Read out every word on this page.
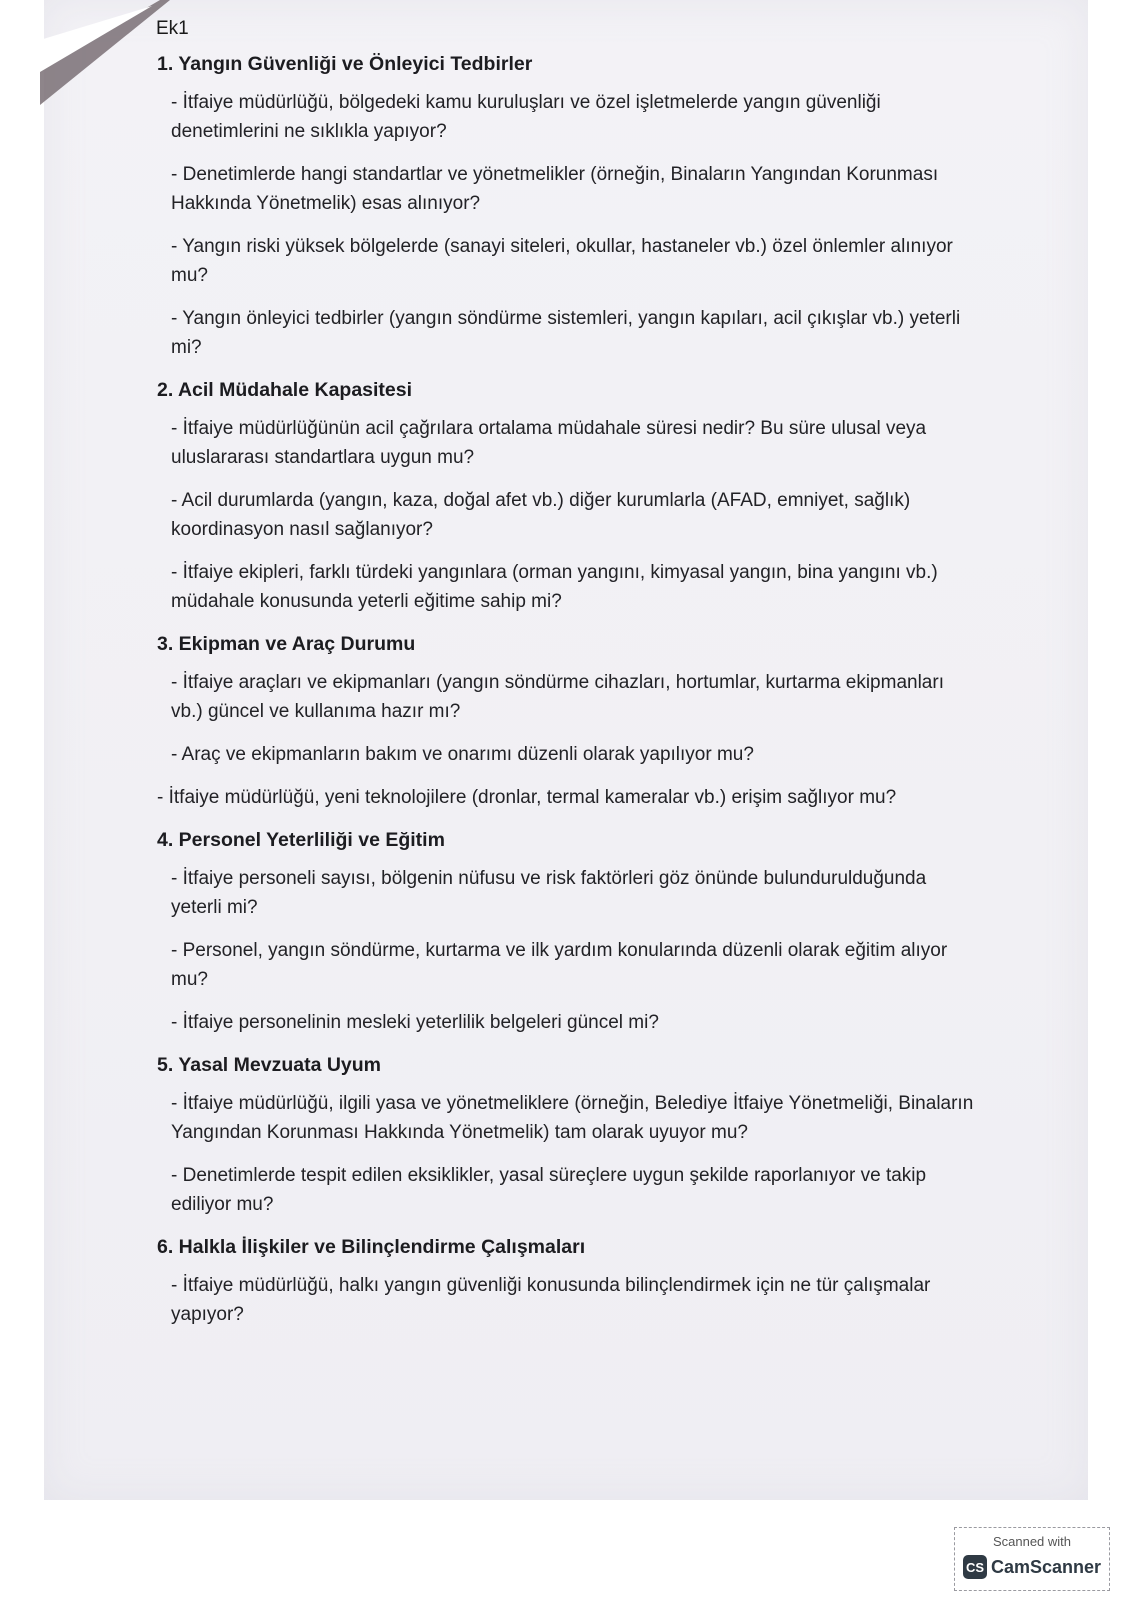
Ek1
1. Yangın Güvenliği ve Önleyici Tedbirler

- İtfaiye müdürlüğü, bölgedeki kamu kuruluşları ve özel işletmelerde yangın güvenliği denetimlerini ne sıklıkla yapıyor?

- Denetimlerde hangi standartlar ve yönetmelikler (örneğin, Binaların Yangından Korunması Hakkında Yönetmelik) esas alınıyor?

- Yangın riski yüksek bölgelerde (sanayi siteleri, okullar, hastaneler vb.) özel önlemler alınıyor mu?

- Yangın önleyici tedbirler (yangın söndürme sistemleri, yangın kapıları, acil çıkışlar vb.) yeterli mi?

2. Acil Müdahale Kapasitesi

- İtfaiye müdürlüğünün acil çağrılara ortalama müdahale süresi nedir? Bu süre ulusal veya uluslararası standartlara uygun mu?

- Acil durumlarda (yangın, kaza, doğal afet vb.) diğer kurumlarla (AFAD, emniyet, sağlık) koordinasyon nasıl sağlanıyor?

- İtfaiye ekipleri, farklı türdeki yangınlara (orman yangını, kimyasal yangın, bina yangını vb.) müdahale konusunda yeterli eğitime sahip mi?

3. Ekipman ve Araç Durumu

- İtfaiye araçları ve ekipmanları (yangın söndürme cihazları, hortumlar, kurtarma ekipmanları vb.) güncel ve kullanıma hazır mı?

- Araç ve ekipmanların bakım ve onarımı düzenli olarak yapılıyor mu?

- İtfaiye müdürlüğü, yeni teknolojilere (dronlar, termal kameralar vb.) erişim sağlıyor mu?

4. Personel Yeterliliği ve Eğitim

- İtfaiye personeli sayısı, bölgenin nüfusu ve risk faktörleri göz önünde bulundurulduğunda yeterli mi?

- Personel, yangın söndürme, kurtarma ve ilk yardım konularında düzenli olarak eğitim alıyor mu?

- İtfaiye personelinin mesleki yeterlilik belgeleri güncel mi?

5. Yasal Mevzuata Uyum

- İtfaiye müdürlüğü, ilgili yasa ve yönetmeliklere (örneğin, Belediye İtfaiye Yönetmeliği, Binaların Yangından Korunması Hakkında Yönetmelik) tam olarak uyuyor mu?

- Denetimlerde tespit edilen eksiklikler, yasal süreçlere uygun şekilde raporlanıyor ve takip ediliyor mu?

6. Halkla İlişkiler ve Bilinçlendirme Çalışmaları

- İtfaiye müdürlüğü, halkı yangın güvenliği konusunda bilinçlendirmek için ne tür çalışmalar yapıyor?

Scanned with
CS CamScanner
